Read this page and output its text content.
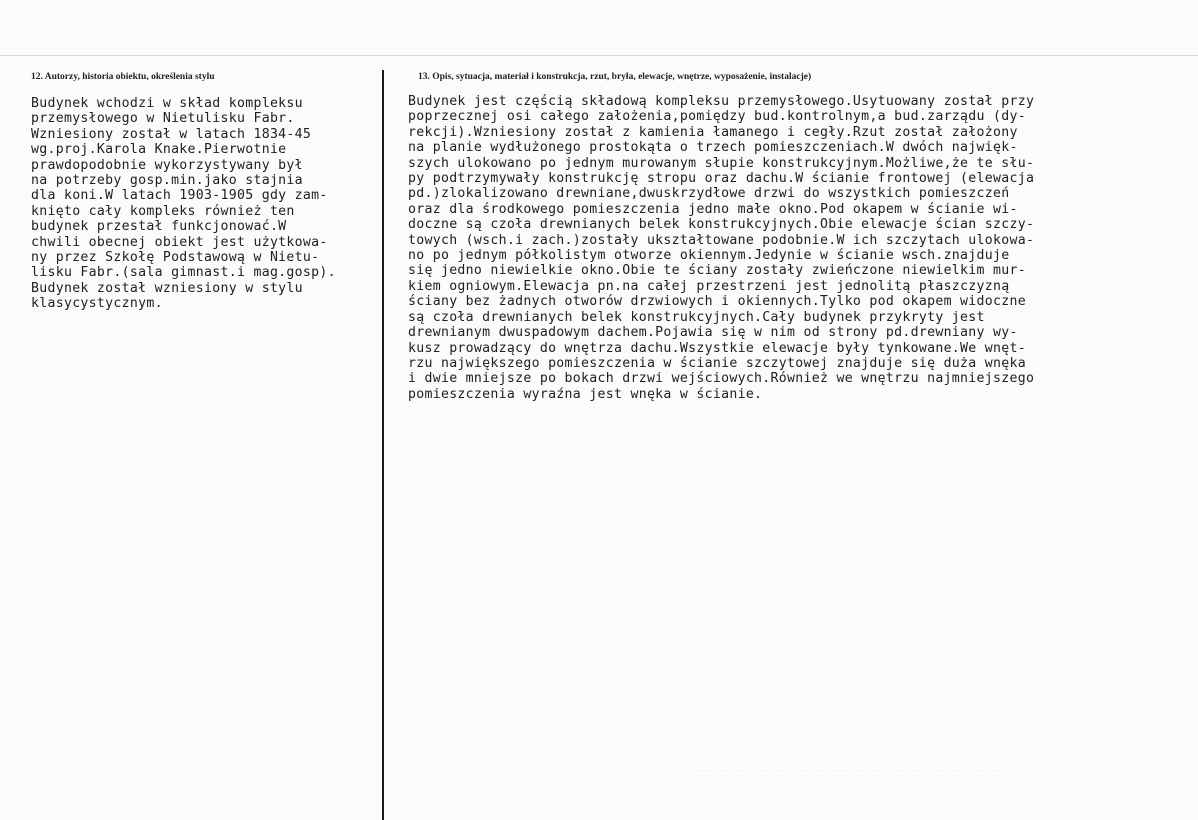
12. Autorzy, historia obiektu, określenia stylu	13. Opis, sytuacja, materiał i konstrukcja, rzut, bryła, elewacje, wnętrze, wyposażenie, instalacje)
Budynek wchodzi w skład kompleksu
przemysłowego w Nietulisku Fabr.
Wzniesiony został w latach 1834-45
wg.proj.Karola Knake.Pierwotnie
prawdopodobnie wykorzystywany był
na potrzeby gosp.min.jako stajnia
dla koni.W latach 1903-1905 gdy zam-
knięto cały kompleks również ten
budynek przestał funkcjonować.W
chwili obecnej obiekt jest użytkowa-
ny przez Szkołę Podstawową w Nietu-
lisku Fabr.(sala gimnast.i mag.gosp).
Budynek został wzniesiony w stylu
klasycystycznym.
Budynek jest częścią składową kompleksu przemysłowego.Usytuowany został przy
poprzecznej osi całego założenia,pomiędzy bud.kontrolnym,a bud.zarządu (dy-
rekcji).Wzniesiony został z kamienia łamanego i cegły.Rzut został założony
na planie wydłużonego prostokąta o trzech pomieszczeniach.W dwóch najwięk-
szych ulokowano po jednym murowanym słupie konstrukcyjnym.Możliwe,że te słu-
py podtrzymywały konstrukcję stropu oraz dachu.W ścianie frontowej (elewacja
pd.)zlokalizowano drewniane,dwuskrzydłowe drzwi do wszystkich pomieszczeń
oraz dla środkowego pomieszczenia jedno małe okno.Pod okapem w ścianie wi-
doczne są czoła drewnianych belek konstrukcyjnych.Obie elewacje ścian szczy-
towych (wsch.i zach.)zostały ukształtowane podobnie.W ich szczytach ulokowa-
no po jednym półkolistym otworze okiennym.Jedynie w ścianie wsch.znajduje
się jedno niewielkie okno.Obie te ściany zostały zwieńczone niewielkim mur-
kiem ogniowym.Elewacja pn.na całej przestrzeni jest jednolitą płaszczyzną
ściany bez żadnych otworów drzwiowych i okiennych.Tylko pod okapem widoczne
są czoła drewnianych belek konstrukcyjnych.Cały budynek przykryty jest
drewnianym dwuspadowym dachem.Pojawia się w nim od strony pd.drewniany wy-
kusz prowadzący do wnętrza dachu.Wszystkie elewacje były tynkowane.We wnęt-
rzu największego pomieszczenia w ścianie szczytowej znajduje się duża wnęka
i dwie mniejsze po bokach drzwi wejściowych.Również we wnętrzu najmniejszego
pomieszczenia wyraźna jest wnęka w ścianie.
